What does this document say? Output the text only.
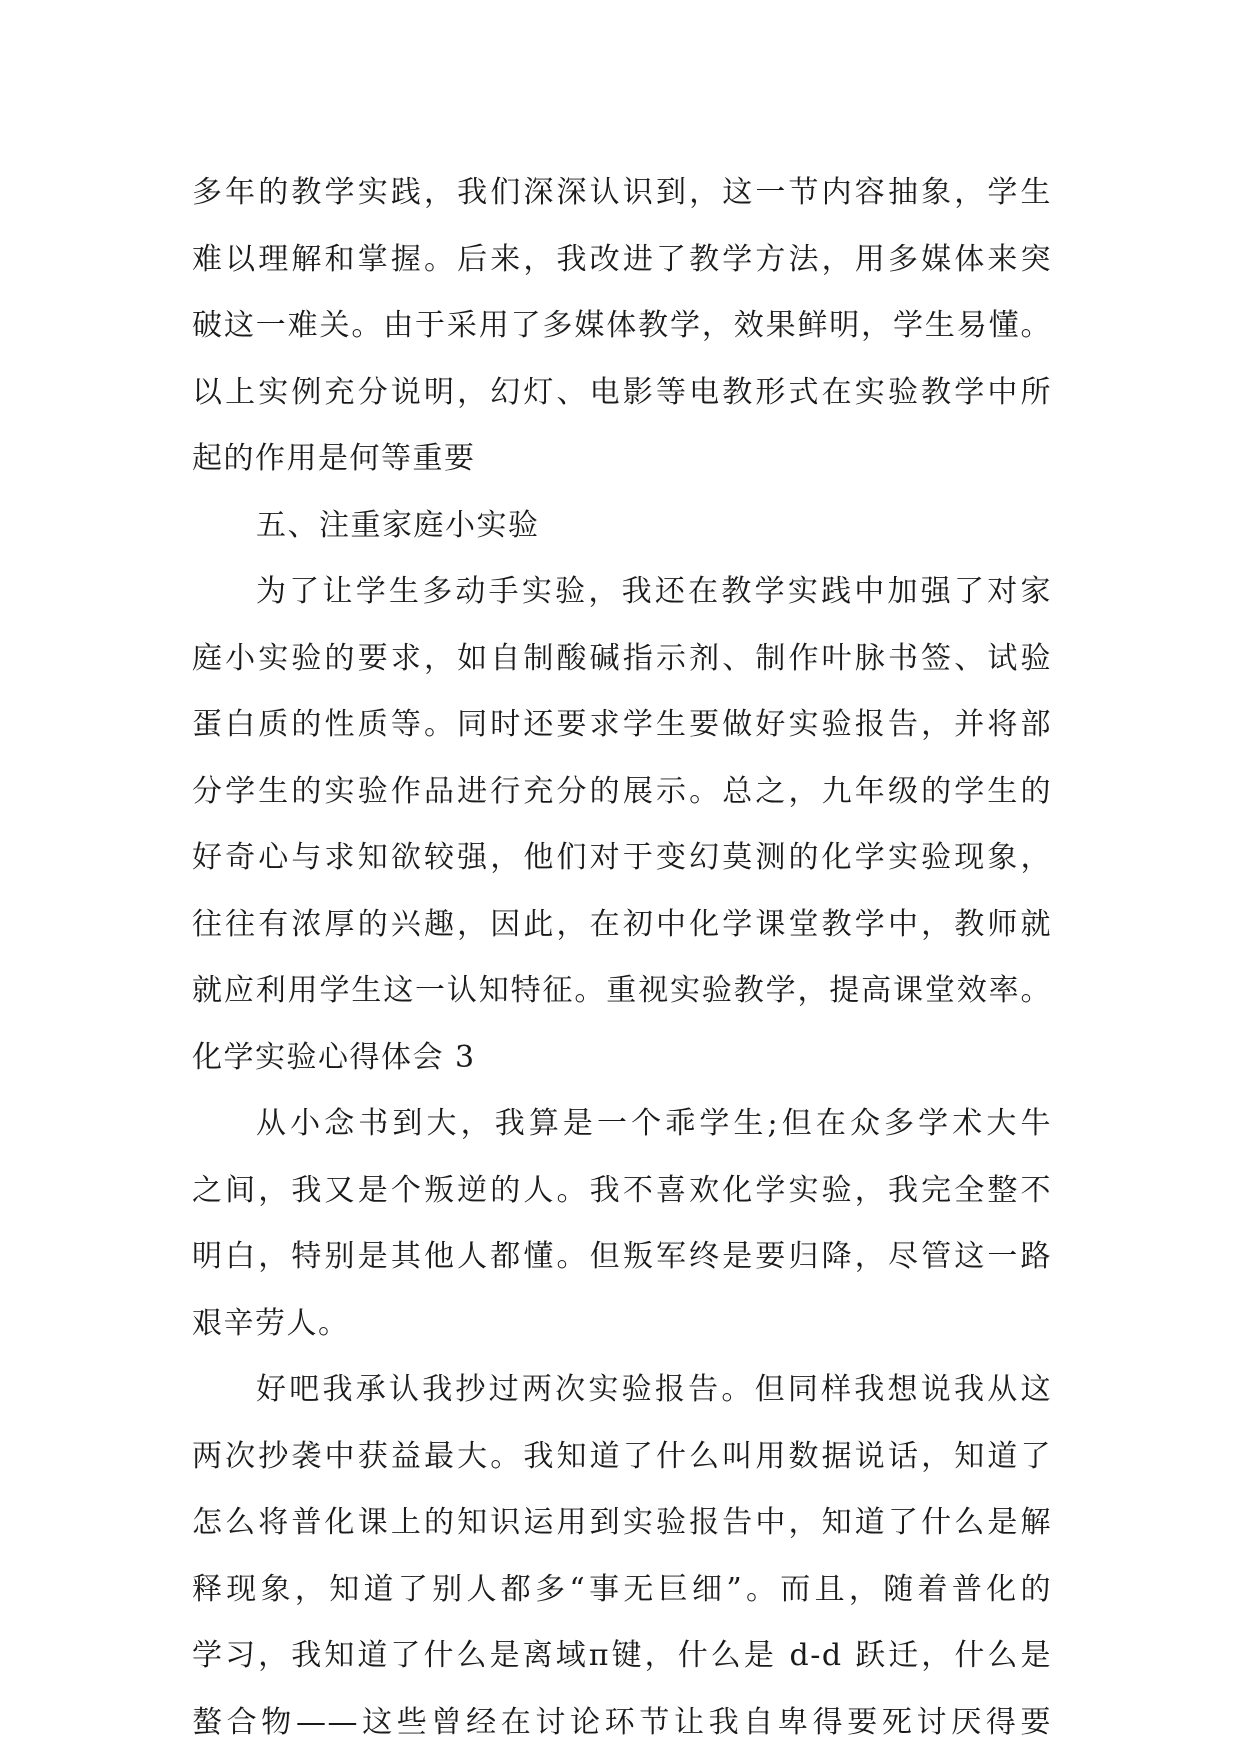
多年的教学实践，我们深深认识到，这一节内容抽象，学生
难以理解和掌握。后来，我改进了教学方法，用多媒体来突
破这一难关。由于采用了多媒体教学，效果鲜明，学生易懂。
以上实例充分说明，幻灯、电影等电教形式在实验教学中所
起的作用是何等重要
五、注重家庭小实验
为了让学生多动手实验，我还在教学实践中加强了对家
庭小实验的要求，如自制酸碱指示剂、制作叶脉书签、试验
蛋白质的性质等。同时还要求学生要做好实验报告，并将部
分学生的实验作品进行充分的展示。总之，九年级的学生的
好奇心与求知欲较强，他们对于变幻莫测的化学实验现象，
往往有浓厚的兴趣，因此，在初中化学课堂教学中，教师就
就应利用学生这一认知特征。重视实验教学，提高课堂效率。
化学实验心得体会 3
从小念书到大，我算是一个乖学生;但在众多学术大牛
之间，我又是个叛逆的人。我不喜欢化学实验，我完全整不
明白，特别是其他人都懂。但叛军终是要归降，尽管这一路
艰辛劳人。
好吧我承认我抄过两次实验报告。但同样我想说我从这
两次抄袭中获益最大。我知道了什么叫用数据说话，知道了
怎么将普化课上的知识运用到实验报告中，知道了什么是解
释现象，知道了别人都多“事无巨细”。而且，随着普化的
学习，我知道了什么是离域π键，什么是 d-d 跃迁，什么是
螯合物——这些曾经在讨论环节让我自卑得要死讨厌得要
